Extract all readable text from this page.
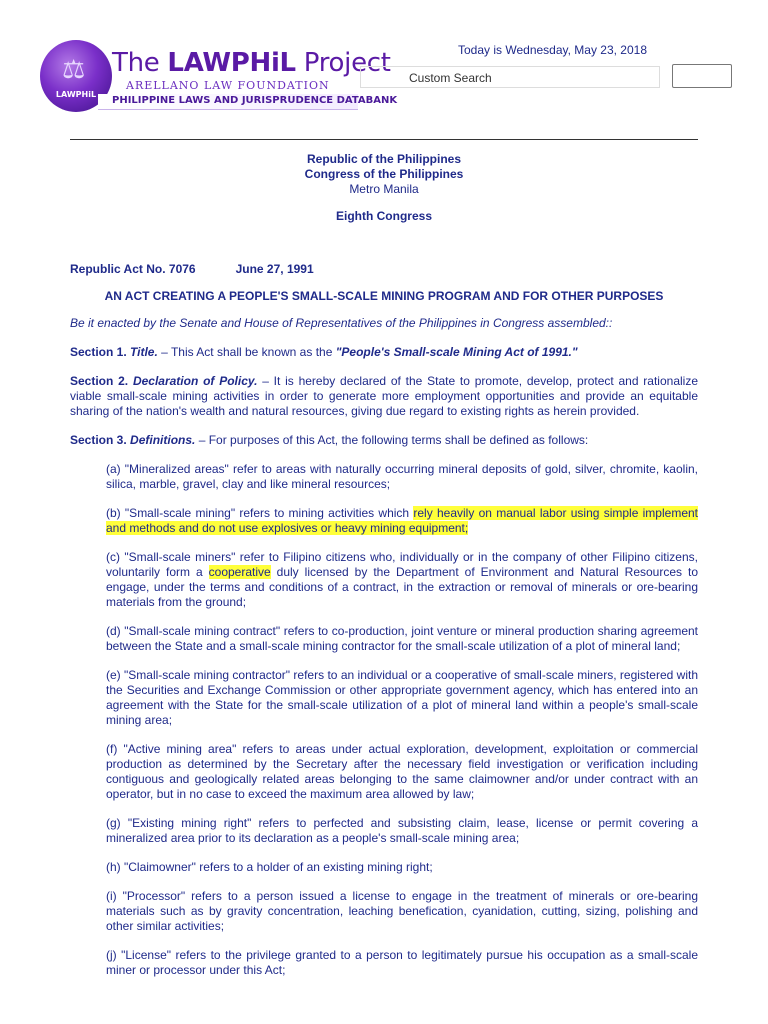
⚖
LAWPHiL
The LAWPHiL Project
ARELLANO LAW FOUNDATION
PHILIPPINE LAWS AND JURISPRUDENCE DATABANK
Today is Wednesday, May 23, 2018
Custom Search

Republic of the Philippines

Congress of the Philippines

Metro Manila

Eighth Congress

Republic Act No. 7076	June 27, 1991

AN ACT CREATING A PEOPLE'S SMALL-SCALE MINING PROGRAM AND FOR OTHER PURPOSES

Be it enacted by the Senate and House of Representatives of the Philippines in Congress assembled::

Section 1. Title. – This Act shall be known as the "People's Small-scale Mining Act of 1991."

Section 2. Declaration of Policy. – It is hereby declared of the State to promote, develop, protect and rationalize viable small-scale mining activities in order to generate more employment opportunities and provide an equitable sharing of the nation's wealth and natural resources, giving due regard to existing rights as herein provided.

Section 3. Definitions. – For purposes of this Act, the following terms shall be defined as follows:

(a) "Mineralized areas" refer to areas with naturally occurring mineral deposits of gold, silver, chromite, kaolin, silica, marble, gravel, clay and like mineral resources;

(b) "Small-scale mining" refers to mining activities which rely heavily on manual labor using simple implement and methods and do not use explosives or heavy mining equipment;

(c) "Small-scale miners" refer to Filipino citizens who, individually or in the company of other Filipino citizens, voluntarily form a cooperative duly licensed by the Department of Environment and Natural Resources to engage, under the terms and conditions of a contract, in the extraction or removal of minerals or ore-bearing materials from the ground;

(d) "Small-scale mining contract" refers to co-production, joint venture or mineral production sharing agreement between the State and a small-scale mining contractor for the small-scale utilization of a plot of mineral land;

(e) "Small-scale mining contractor" refers to an individual or a cooperative of small-scale miners, registered with the Securities and Exchange Commission or other appropriate government agency, which has entered into an agreement with the State for the small-scale utilization of a plot of mineral land within a people's small-scale mining area;

(f) "Active mining area" refers to areas under actual exploration, development, exploitation or commercial production as determined by the Secretary after the necessary field investigation or verification including contiguous and geologically related areas belonging to the same claimowner and/or under contract with an operator, but in no case to exceed the maximum area allowed by law;

(g) "Existing mining right" refers to perfected and subsisting claim, lease, license or permit covering a mineralized area prior to its declaration as a people's small-scale mining area;

(h) "Claimowner" refers to a holder of an existing mining right;

(i) "Processor" refers to a person issued a license to engage in the treatment of minerals or ore-bearing materials such as by gravity concentration, leaching benefication, cyanidation, cutting, sizing, polishing and other similar activities;

(j) "License" refers to the privilege granted to a person to legitimately pursue his occupation as a small-scale miner or processor under this Act;
